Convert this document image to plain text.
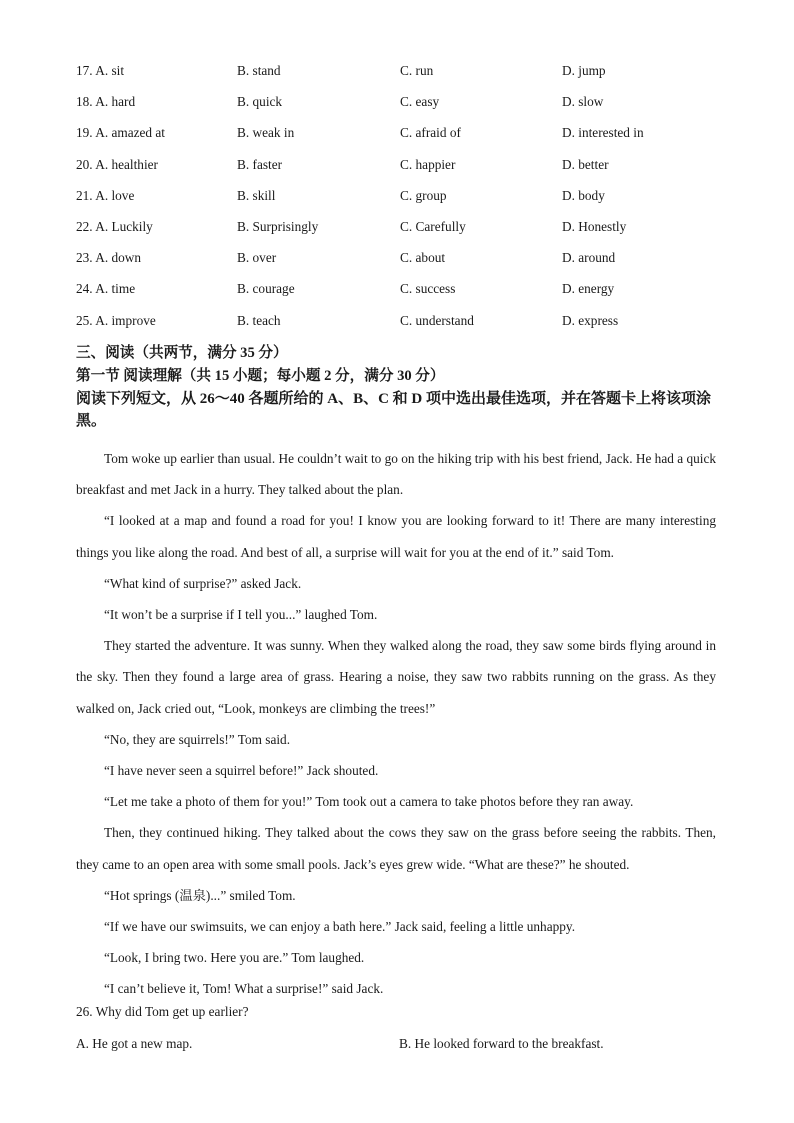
17. A. sit	B. stand	C. run	D. jump
18. A. hard	B. quick	C. easy	D. slow
19. A. amazed at	B. weak in	C. afraid of	D. interested in
20. A. healthier	B. faster	C. happier	D. better
21. A. love	B. skill	C. group	D. body
22. A. Luckily	B. Surprisingly	C. Carefully	D. Honestly
23. A. down	B. over	C. about	D. around
24. A. time	B. courage	C. success	D. energy
25. A. improve	B. teach	C. understand	D. express
三、阅读（共两节，满分 35 分）
第一节 阅读理解（共 15 小题；每小题 2 分，满分 30 分）
阅读下列短文，从 26～40 各题所给的 A、B、C 和 D 项中选出最佳选项，并在答题卡上将该项涂黑。
Tom woke up earlier than usual. He couldn’t wait to go on the hiking trip with his best friend, Jack. He had a quick breakfast and met Jack in a hurry. They talked about the plan.
“I looked at a map and found a road for you! I know you are looking forward to it! There are many interesting things you like along the road. And best of all, a surprise will wait for you at the end of it.” said Tom.
“What kind of surprise?” asked Jack.
“It won’t be a surprise if I tell you...” laughed Tom.
They started the adventure. It was sunny. When they walked along the road, they saw some birds flying around in the sky. Then they found a large area of grass. Hearing a noise, they saw two rabbits running on the grass. As they walked on, Jack cried out, “Look, monkeys are climbing the trees!”
“No, they are squirrels!” Tom said.
“I have never seen a squirrel before!” Jack shouted.
“Let me take a photo of them for you!” Tom took out a camera to take photos before they ran away.
Then, they continued hiking. They talked about the cows they saw on the grass before seeing the rabbits. Then, they came to an open area with some small pools. Jack’s eyes grew wide. “What are these?” he shouted.
“Hot springs (温泉)...” smiled Tom.
“If we have our swimsuits, we can enjoy a bath here.” Jack said, feeling a little unhappy.
“Look, I bring two. Here you are.” Tom laughed.
“I can’t believe it, Tom! What a surprise!” said Jack.
26. Why did Tom get up earlier?
A. He got a new map.	B. He looked forward to the breakfast.
